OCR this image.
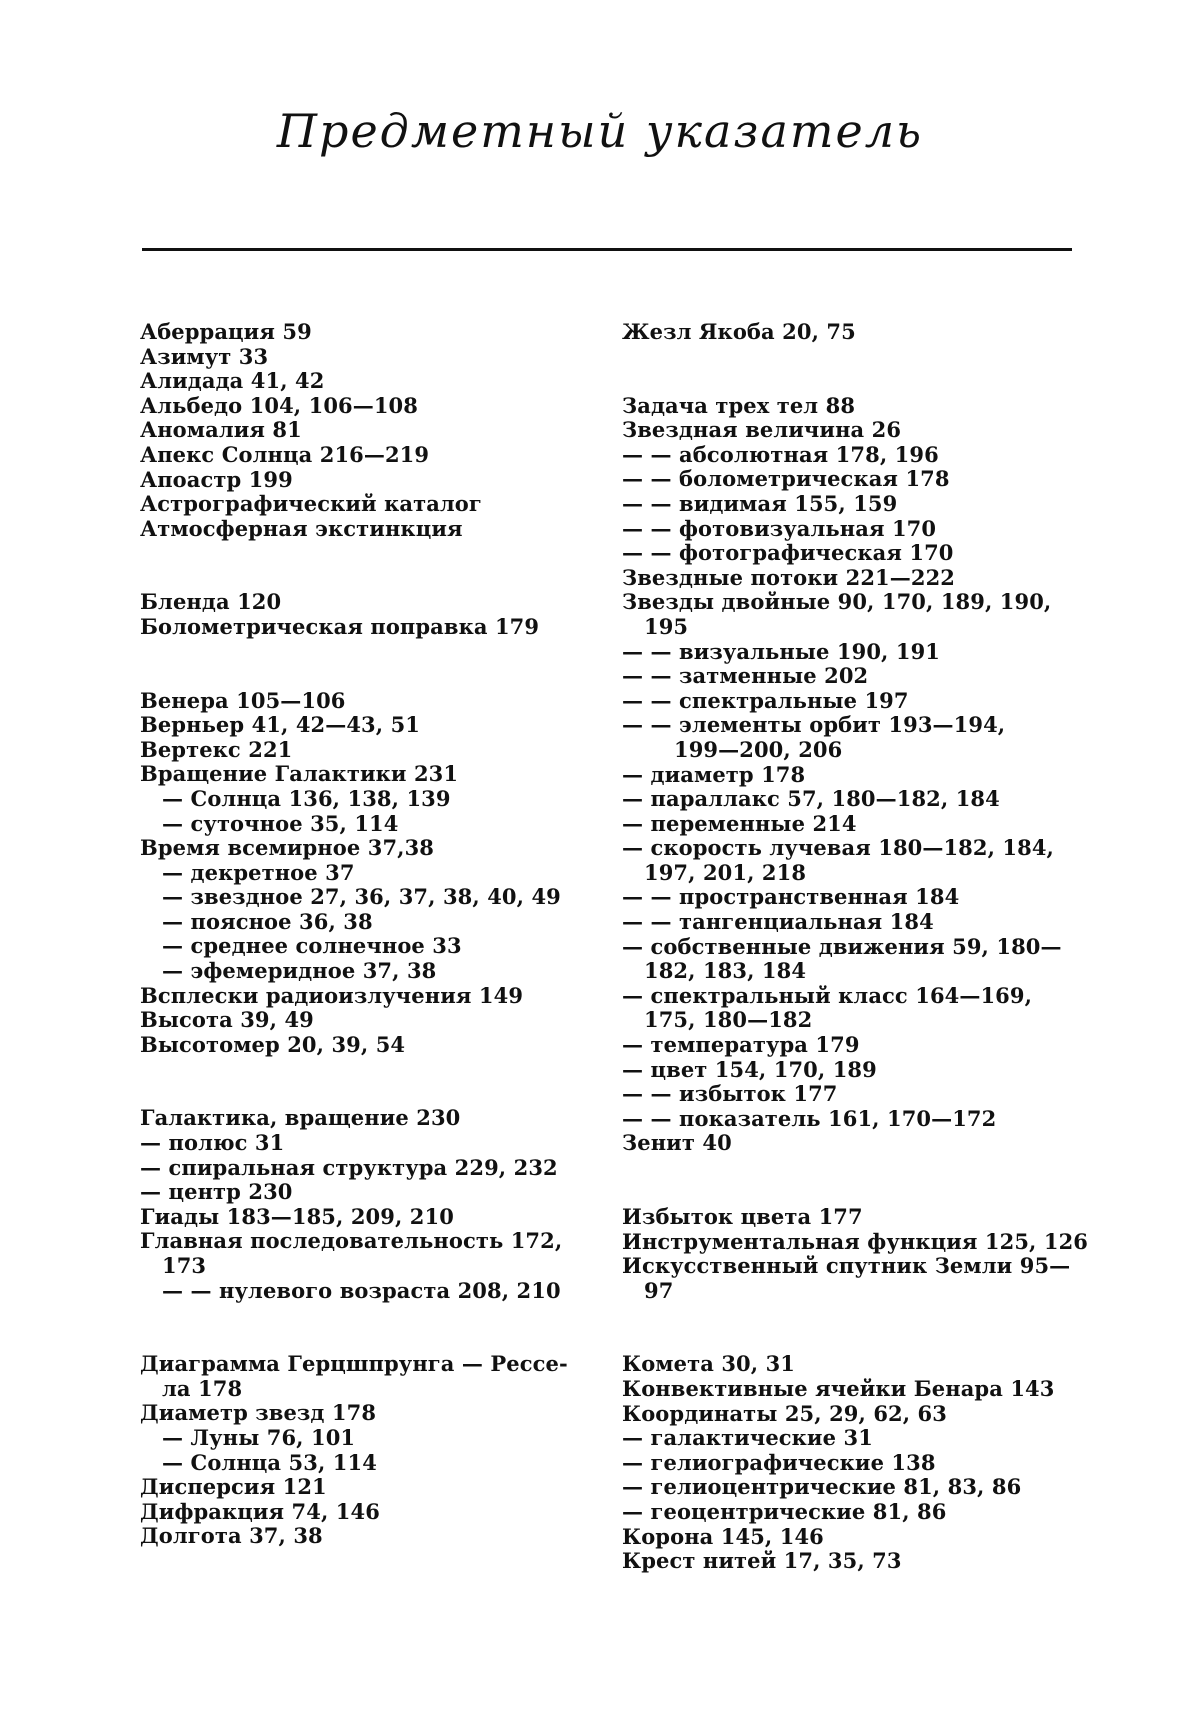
Предметный указатель
Аберрация 59
Азимут 33
Алидада 41, 42
Альбедо 104, 106—108
Аномалия 81
Апекс Солнца 216—219
Апоастр 199
Астрографический каталог
Атмосферная экстинкция
Бленда 120
Болометрическая поправка 179
Венера 105—106
Верньер 41, 42—43, 51
Вертекс 221
Вращение Галактики 231
— Солнца 136, 138, 139
— суточное 35, 114
Время всемирное 37,38
— декретное 37
— звездное 27, 36, 37, 38, 40, 49
— поясное 36, 38
— среднее солнечное 33
— эфемеридное 37, 38
Всплески радиоизлучения 149
Высота 39, 49
Высотомер 20, 39, 54
Галактика, вращение 230
— полюс 31
— спиральная структура 229, 232
— центр 230
Гиады 183—185, 209, 210
Главная последовательность 172,
173
— — нулевого возраста 208, 210
Диаграмма Герцшпрунга — Рессе-
ла 178
Диаметр звезд 178
— Луны 76, 101
— Солнца 53, 114
Дисперсия 121
Дифракция 74, 146
Долгота 37, 38
Жезл Якоба 20, 75
Задача трех тел 88
Звездная величина 26
— — абсолютная 178, 196
— — болометрическая 178
— — видимая 155, 159
— — фотовизуальная 170
— — фотографическая 170
Звездные потоки 221—222
Звезды двойные 90, 170, 189, 190,
195
— — визуальные 190, 191
— — затменные 202
— — спектральные 197
— — элементы орбит 193—194,
199—200, 206
— диаметр 178
— параллакс 57, 180—182, 184
— переменные 214
— скорость лучевая 180—182, 184,
197, 201, 218
— — пространственная 184
— — тангенциальная 184
— собственные движения 59, 180—
182, 183, 184
— спектральный класс 164—169,
175, 180—182
— температура 179
— цвет 154, 170, 189
— — избыток 177
— — показатель 161, 170—172
Зенит 40
Избыток цвета 177
Инструментальная функция 125, 126
Искусственный спутник Земли 95—
97
Комета 30, 31
Конвективные ячейки Бенара 143
Координаты 25, 29, 62, 63
— галактические 31
— гелиографические 138
— гелиоцентрические 81, 83, 86
— геоцентрические 81, 86
Корона 145, 146
Крест нитей 17, 35, 73
